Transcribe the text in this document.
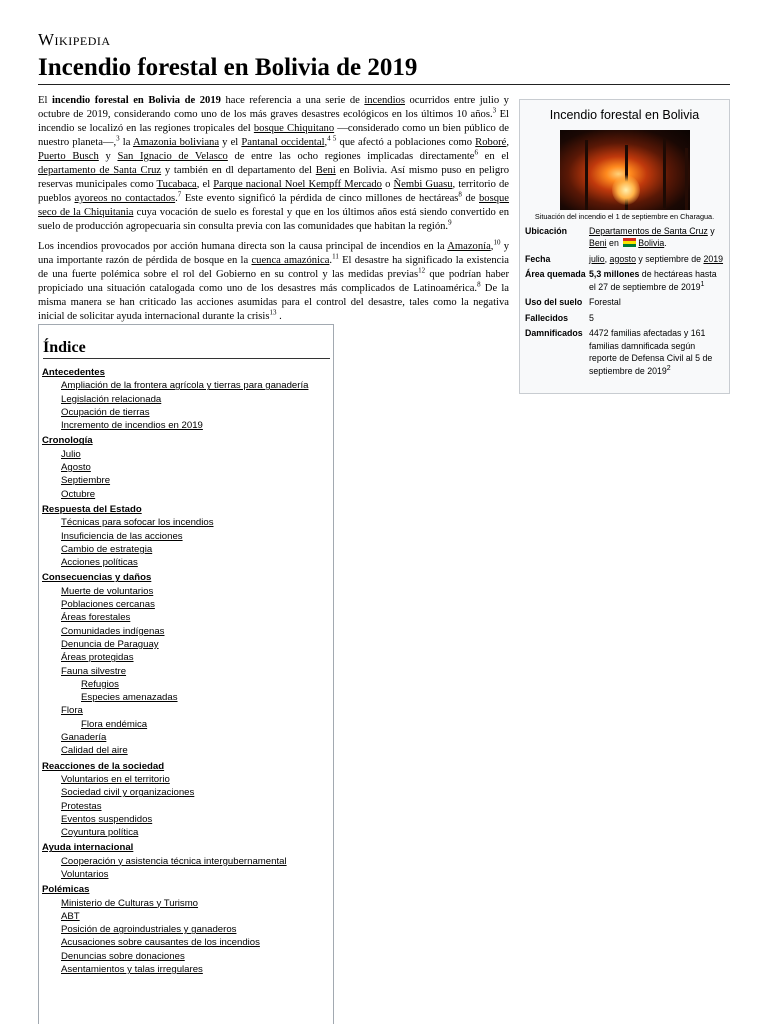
Wikipedia
Incendio forestal en Bolivia de 2019

El incendio forestal en Bolivia de 2019 hace referencia a una serie de incendios ocurridos entre julio y octubre de 2019, considerando como uno de los más graves desastres ecológicos en los últimos 10 años.$^3$ El incendio se localizó en las regiones tropicales del bosque Chiquitano —considerado como un bien público de nuestro planeta—,$^3$ la Amazonia boliviana y el Pantanal occidental,$^{4 5}$ que afectó a poblaciones como Roboré, Puerto Busch y San Ignacio de Velasco de entre las ocho regiones implicadas directamente$^6$ en el departamento de Santa Cruz y también en dl departamento del Beni en Bolivia. Así mismo puso en peligro reservas municipales como Tucabaca, el Parque nacional Noel Kempff Mercado o Ñembi Guasu, territorio de pueblos ayoreos no contactados.$^7$ Este evento significó la pérdida de cinco millones de hectáreas$^8$ de bosque seco de la Chiquitania cuya vocación de suelo es forestal y que en los últimos años está siendo convertido en suelo de producción agropecuaria sin consulta previa con las comunidades que habitan la región.$^9$

Los incendios provocados por acción humana directa son la causa principal de incendios en la Amazonía,$^{10}$ y una importante razón de pérdida de bosque en la cuenca amazónica.$^{11}$ El desastre ha significado la existencia de una fuerte polémica sobre el rol del Gobierno en su control y las medidas previas$^{12}$ que podrían haber propiciado una situación catalogada como uno de los desastres más complicados de Latinoamérica.$^8$ De la misma manera se han criticado las acciones asumidas para el control del desastre, tales como la negativa inicial de solicitar ayuda internacional durante la crisis$^{13}$ .

Incendio forestal en Bolivia
Situación del incendio el 1 de septiembre en Charagua.
Ubicación	Departamentos de Santa Cruz y Beni en Bolivia.
Fecha	julio, agosto y septiembre de 2019
Área quemada 5,3 millones de hectáreas hasta el 27 de septiembre de 2019$^1$
Uso del suelo Forestal
Fallecidos	5
Damnificados 4472 familias afectadas y 161 familias damnificada según reporte de Defensa Civil al 5 de septiembre de 2019$^2$
Índice
Antecedentes
Ampliación de la frontera agrícola y tierras para ganadería
Legislación relacionada
Ocupación de tierras
Incremento de incendios en 2019
Cronología
Julio
Agosto
Septiembre
Octubre
Respuesta del Estado
Técnicas para sofocar los incendios
Insuficiencia de las acciones
Cambio de estrategia
Acciones políticas
Consecuencias y daños
Muerte de voluntarios
Poblaciones cercanas
Áreas forestales
Comunidades indígenas
Denuncia de Paraguay
Áreas protegidas
Fauna silvestre
Refugios
Especies amenazadas
Flora
Flora endémica
Ganadería
Calidad del aire
Reacciones de la sociedad
Voluntarios en el territorio
Sociedad civil y organizaciones
Protestas
Eventos suspendidos
Coyuntura política
Ayuda internacional
Cooperación y asistencia técnica intergubernamental
Voluntarios
Polémicas
Ministerio de Culturas y Turismo
ABT
Posición de agroindustriales y ganaderos
Acusaciones sobre causantes de los incendios
Denuncias sobre donaciones
Asentamientos y talas irregulares
